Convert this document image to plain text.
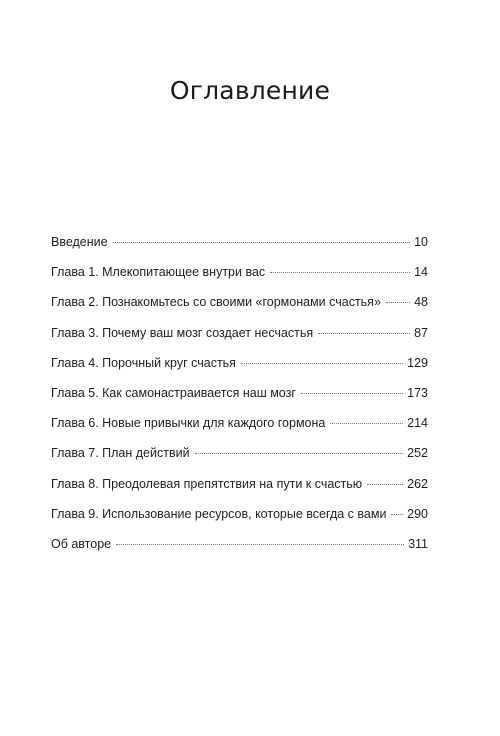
Оглавление
Введение	10
Глава 1. Млекопитающее внутри вас	14
Глава 2. Познакомьтесь со своими «гормонами счастья»	48
Глава 3. Почему ваш мозг создает несчастья	87
Глава 4. Порочный круг счастья	129
Глава 5. Как самонастраивается наш мозг	173
Глава 6. Новые привычки для каждого гормона	214
Глава 7. План действий	252
Глава 8. Преодолевая препятствия на пути к счастью	262
Глава 9. Использование ресурсов, которые всегда с вами 290
Об авторе	311
